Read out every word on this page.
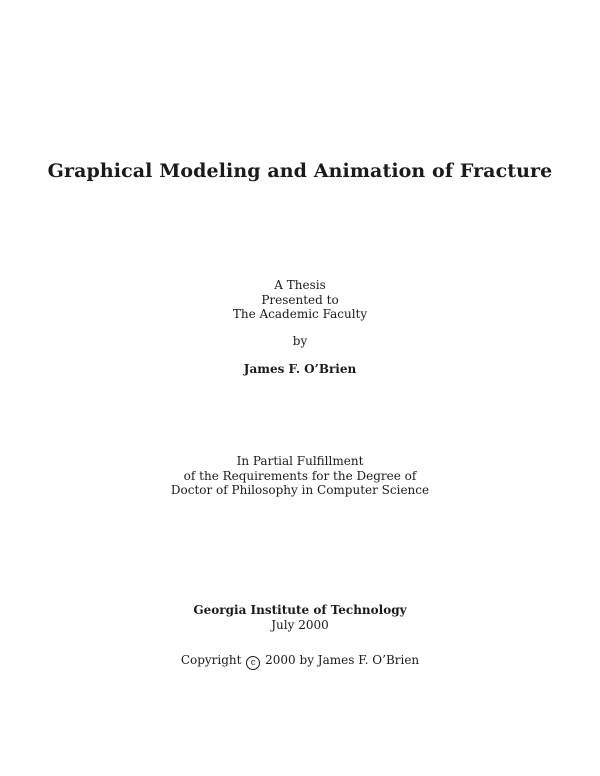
Graphical Modeling and Animation of Fracture
A Thesis
Presented to
The Academic Faculty
by
James F. O’Brien
In Partial Fulfillment
of the Requirements for the Degree of
Doctor of Philosophy in Computer Science
Georgia Institute of Technology
July 2000
Copyright c 2000 by James F. O’Brien
